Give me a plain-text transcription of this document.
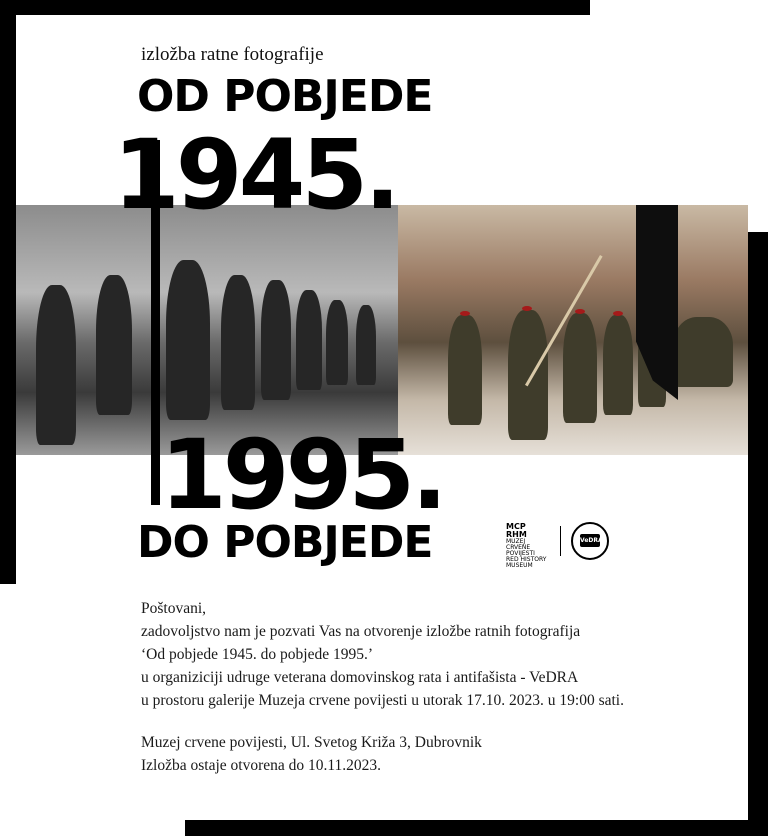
izložba ratne fotografije
OD POBJEDE
1945.
1995.
DO POBJEDE	MCP
RHM
MUZEJ CRVENE
POVIJESTI
RED HISTORY
MUSEUM
VeDRA
Poštovani,
zadovoljstvo nam je pozvati Vas na otvorenje izložbe ratnih fotografija
‘Od pobjede 1945. do pobjede 1995.’
u organiziciji udruge veterana domovinskog rata i antifašista - VeDRA
u prostoru galerije Muzeja crvene povijesti u utorak 17.10. 2023. u 19:00 sati.
Muzej crvene povijesti, Ul. Svetog Križa 3, Dubrovnik
Izložba ostaje otvorena do 10.11.2023.
